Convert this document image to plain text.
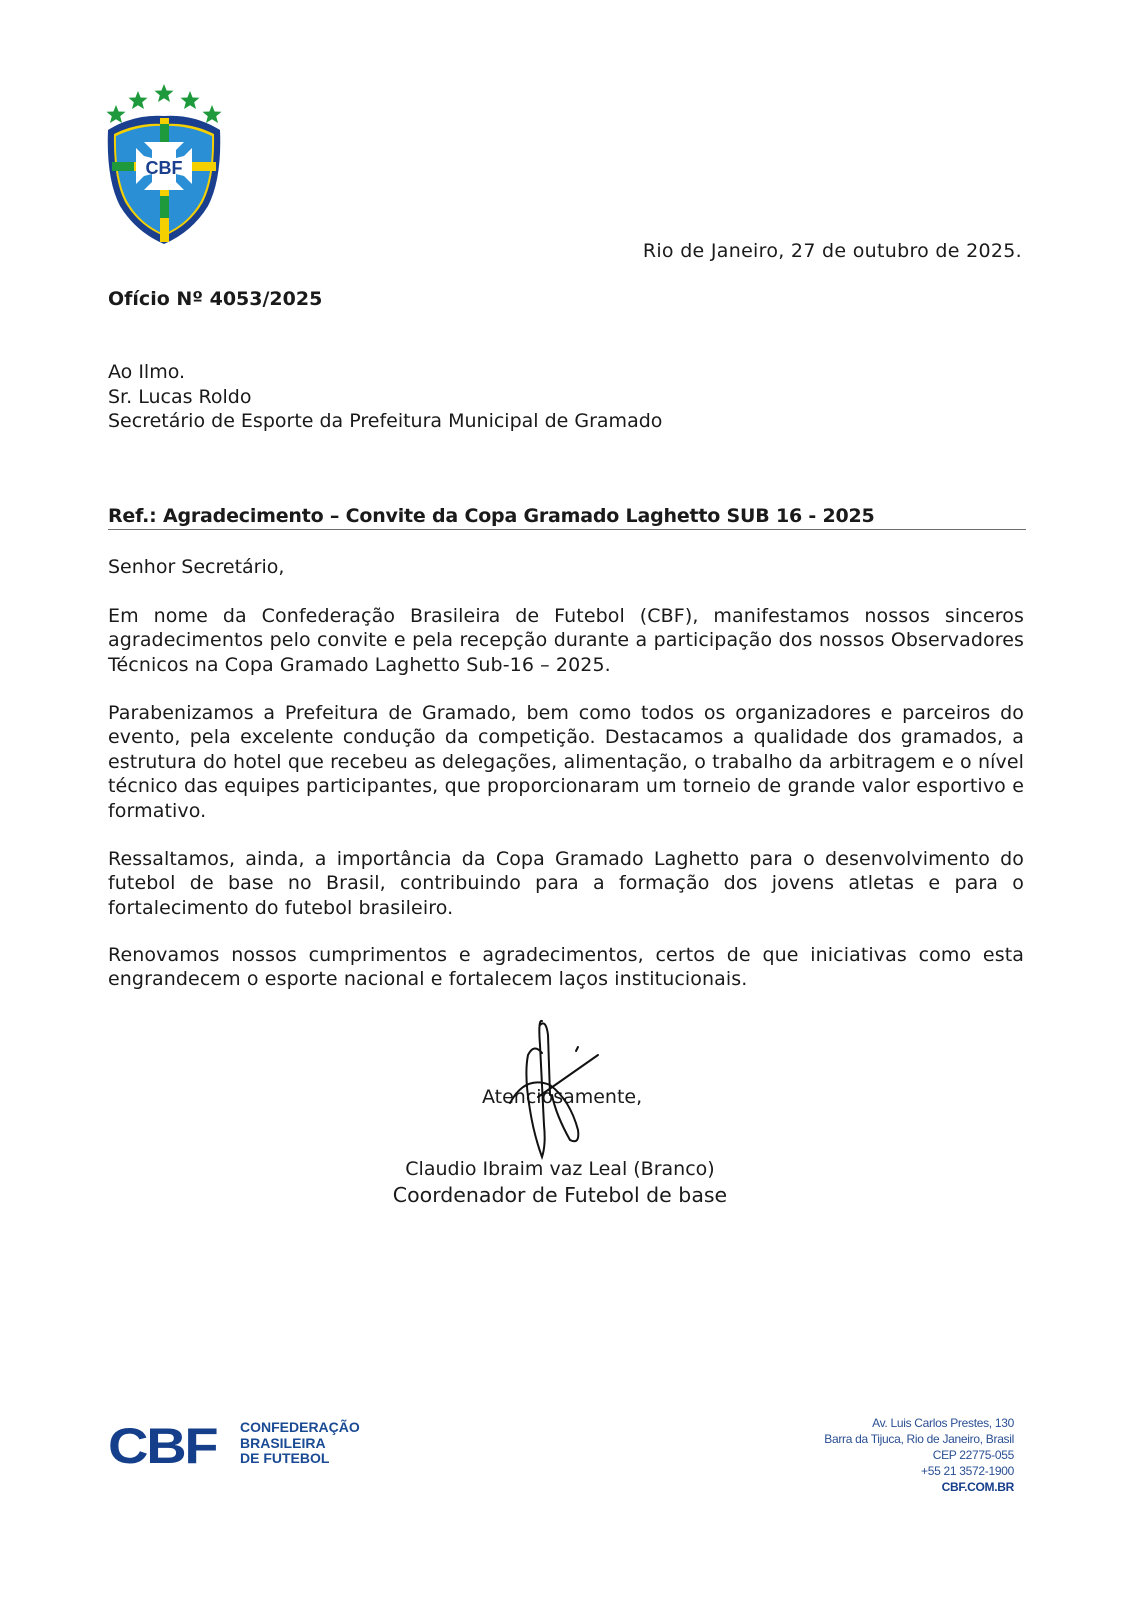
CBF
Rio de Janeiro, 27 de outubro de 2025.
Ofício Nº 4053/2025
Ao Ilmo.
Sr. Lucas Roldo
Secretário de Esporte da Prefeitura Municipal de Gramado
Ref.: Agradecimento – Convite da Copa Gramado Laghetto SUB 16 - 2025
Senhor Secretário,
Em nome da Confederação Brasileira de Futebol (CBF), manifestamos nossos sinceros agradecimentos pelo convite e pela recepção durante a participação dos nossos Observadores Técnicos na Copa Gramado Laghetto Sub-16 – 2025.
Parabenizamos a Prefeitura de Gramado, bem como todos os organizadores e parceiros do evento, pela excelente condução da competição. Destacamos a qualidade dos gramados, a estrutura do hotel que recebeu as delegações, alimentação, o trabalho da arbitragem e o nível técnico das equipes participantes, que proporcionaram um torneio de grande valor esportivo e formativo.
Ressaltamos, ainda, a importância da Copa Gramado Laghetto para o desenvolvimento do futebol de base no Brasil, contribuindo para a formação dos jovens atletas e para o fortalecimento do futebol brasileiro.
Renovamos nossos cumprimentos e agradecimentos, certos de que iniciativas como esta engrandecem o esporte nacional e fortalecem laços institucionais.
Atenciosamente,
Claudio Ibraim vaz Leal (Branco)
Coordenador de Futebol de base
CBF CONFEDERAÇÃO
BRASILEIRA
DE FUTEBOL
Av. Luis Carlos Prestes, 130
Barra da Tijuca, Rio de Janeiro, Brasil
CEP 22775-055
+55 21 3572-1900
CBF.COM.BR
